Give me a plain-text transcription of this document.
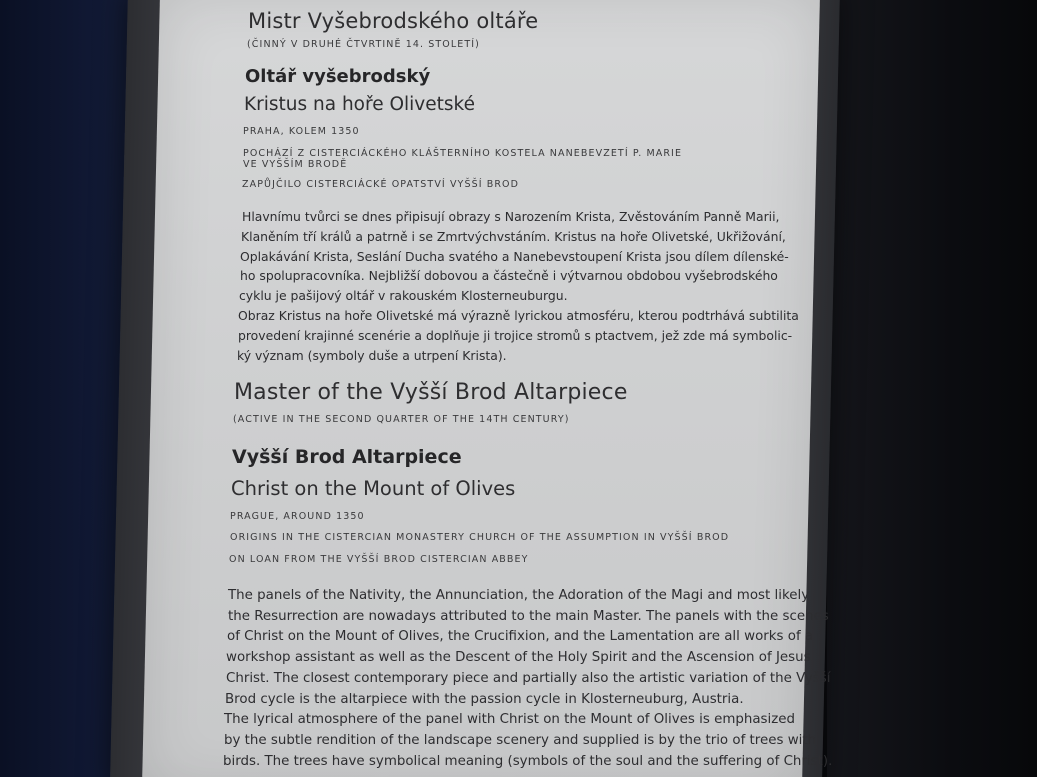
Mistr Vyšebrodského oltáře
(ČINNÝ V DRUHÉ ČTVRTINĚ 14. STOLETÍ)
Oltář vyšebrodský
Kristus na hoře Olivetské
PRAHA, KOLEM 1350
POCHÁZÍ Z CISTERCIÁCKÉHO KLÁŠTERNÍHO KOSTELA NANEBEVZETÍ P. MARIE
VE VYŠŠÍM BRODĚ
ZAPŮJČILO CISTERCIÁCKÉ OPATSTVÍ VYŠŠÍ BROD
Hlavnímu tvůrci se dnes připisují obrazy s Narozením Krista, Zvěstováním Panně Marii,
Klaněním tří králů a patrně i se Zmrtvýchvstáním. Kristus na hoře Olivetské, Ukřižování,
Oplakávání Krista, Seslání Ducha svatého a Nanebevstoupení Krista jsou dílem dílenské-
ho spolupracovníka. Nejbližší dobovou a částečně i výtvarnou obdobou vyšebrodského
cyklu je pašijový oltář v rakouském Klosterneuburgu.
Obraz Kristus na hoře Olivetské má výrazně lyrickou atmosféru, kterou podtrhává subtilita
provedení krajinné scenérie a doplňuje ji trojice stromů s ptactvem, jež zde má symbolic-
ký význam (symboly duše a utrpení Krista).
Master of the Vyšší Brod Altarpiece
(ACTIVE IN THE SECOND QUARTER OF THE 14TH CENTURY)
Vyšší Brod Altarpiece
Christ on the Mount of Olives
PRAGUE, AROUND 1350
ORIGINS IN THE CISTERCIAN MONASTERY CHURCH OF THE ASSUMPTION IN VYŠŠÍ BROD
ON LOAN FROM THE VYŠŠÍ BROD CISTERCIAN ABBEY
The panels of the Nativity, the Annunciation, the Adoration of the Magi and most likely
the Resurrection are nowadays attributed to the main Master. The panels with the scenes
of Christ on the Mount of Olives, the Crucifixion, and the Lamentation are all works of a
workshop assistant as well as the Descent of the Holy Spirit and the Ascension of Jesus
Christ. The closest contemporary piece and partially also the artistic variation of the Vyšší
Brod cycle is the altarpiece with the passion cycle in Klosterneuburg, Austria.
The lyrical atmosphere of the panel with Christ on the Mount of Olives is emphasized
by the subtle rendition of the landscape scenery and supplied is by the trio of trees with
birds. The trees have symbolical meaning (symbols of the soul and the suffering of Christ).
